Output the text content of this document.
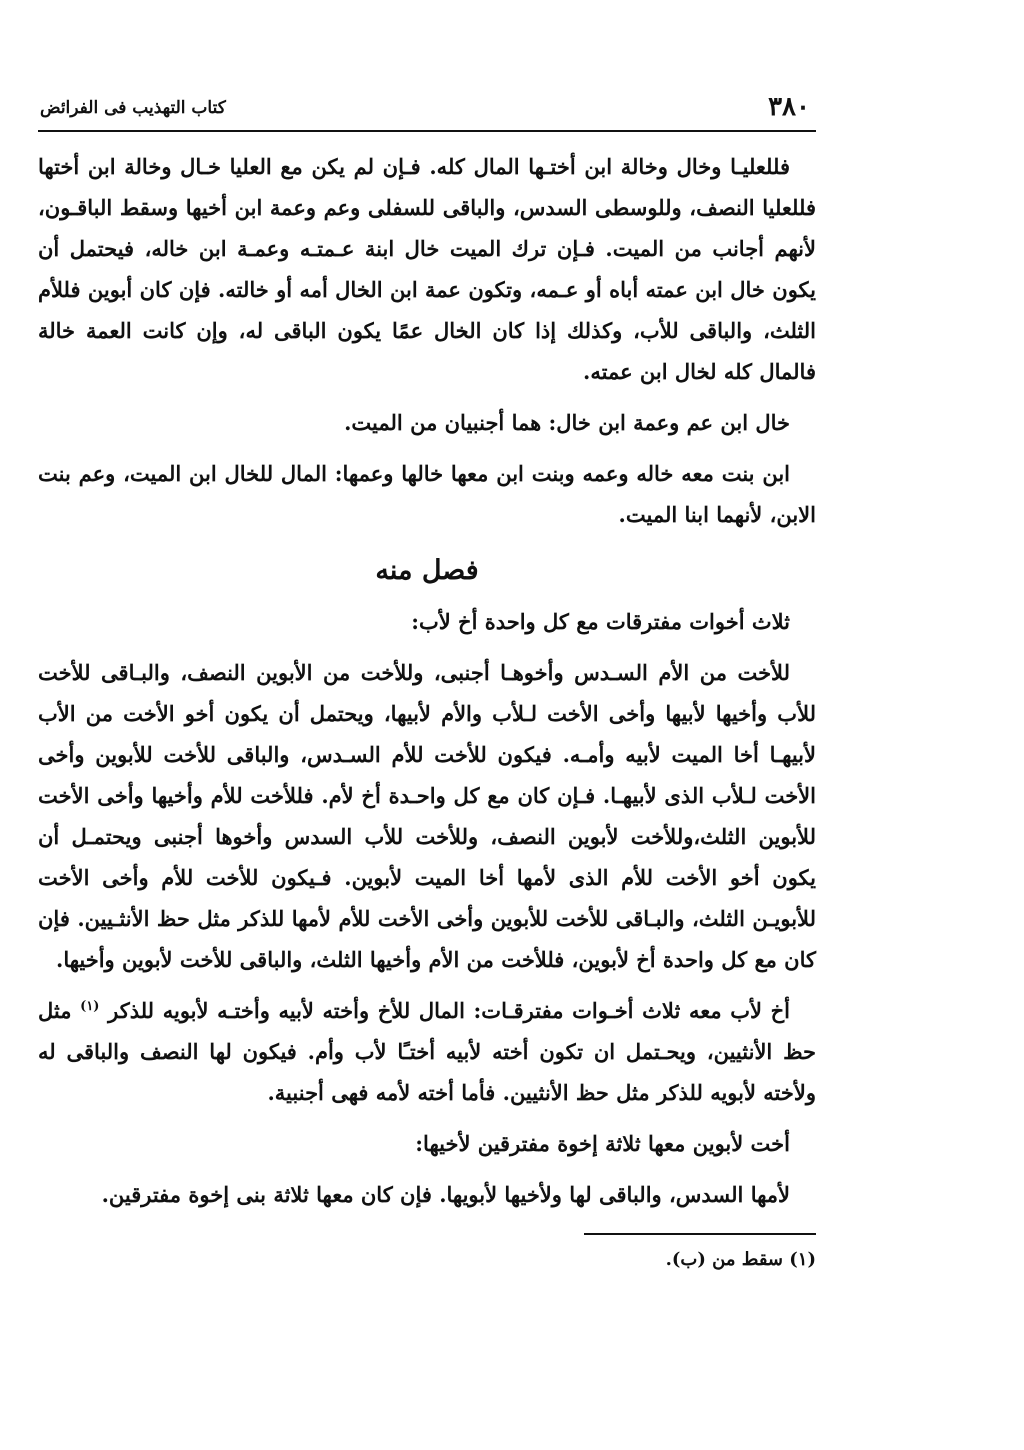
٣٨٠
كتاب التهذيب فى الفرائض

فللعليـا وخال وخالة ابن أختـها المال كله. فـإن لم يكن مع العليا خـال وخالة ابن أختها فللعليا النصف، وللوسطى السدس، والباقى للسفلى وعم وعمة ابن أخيها وسقط الباقـون، لأنهم أجانب من الميت. فـإن ترك الميت خال ابنة عـمتـه وعمـة ابن خاله، فيحتمل أن يكون خال ابن عمته أباه أو عـمه، وتكون عمة ابن الخال أمه أو خالته. فإن كان أبوين فللأم الثلث، والباقى للأب، وكذلك إذا كان الخال عمًا يكون الباقى له، وإن كانت العمة خالة فالمال كله لخال ابن عمته.

خال ابن عم وعمة ابن خال: هما أجنبيان من الميت.

ابن بنت معه خاله وعمه وبنت ابن معها خالها وعمها: المال للخال ابن الميت، وعم بنت الابن، لأنهما ابنا الميت.

فصل منه

ثلاث أخوات مفترقات مع كل واحدة أخ لأب:

للأخت من الأم السـدس وأخوهـا أجنبى، وللأخت من الأبوين النصف، والبـاقى للأخت للأب وأخيها لأبيها وأخى الأخت لـلأب والأم لأبيها، ويحتمل أن يكون أخو الأخت من الأب لأبيهـا أخا الميت لأبيه وأمـه. فيكون للأخت للأم السـدس، والباقى للأخت للأبوين وأخى الأخت لـلأب الذى لأبيهـا. فـإن كان مع كل واحـدة أخ لأم. فللأخت للأم وأخيها وأخى الأخت للأبوين الثلث،وللأخت لأبوين النصف، وللأخت للأب السدس وأخوها أجنبى ويحتمـل أن يكون أخو الأخت للأم الذى لأمها أخا الميت لأبوين. فـيكون للأخت للأم وأخى الأخت للأبويـن الثلث، والبـاقى للأخت للأبوين وأخى الأخت للأم لأمها للذكر مثل حظ الأنثـيين. فإن كان مع كل واحدة أخ لأبوين، فللأخت من الأم وأخيها الثلث، والباقى للأخت لأبوين وأخيها.

أخ لأب معه ثلاث أخـوات مفترقـات: المال للأخ وأخته لأبيه وأختـه لأبويه للذكر $^{(١)}$ مثل حظ الأنثيين، ويحـتمل ان تكون أخته لأبيه أختـًا لأب وأم. فيكون لها النصف والباقى له ولأخته لأبويه للذكر مثل حظ الأنثيين. فأما أخته لأمه فهى أجنبية.

أخت لأبوين معها ثلاثة إخوة مفترقين لأخيها:

لأمها السدس، والباقى لها ولأخيها لأبويها. فإن كان معها ثلاثة بنى إخوة مفترقين.

(١) سقط من (ب).
